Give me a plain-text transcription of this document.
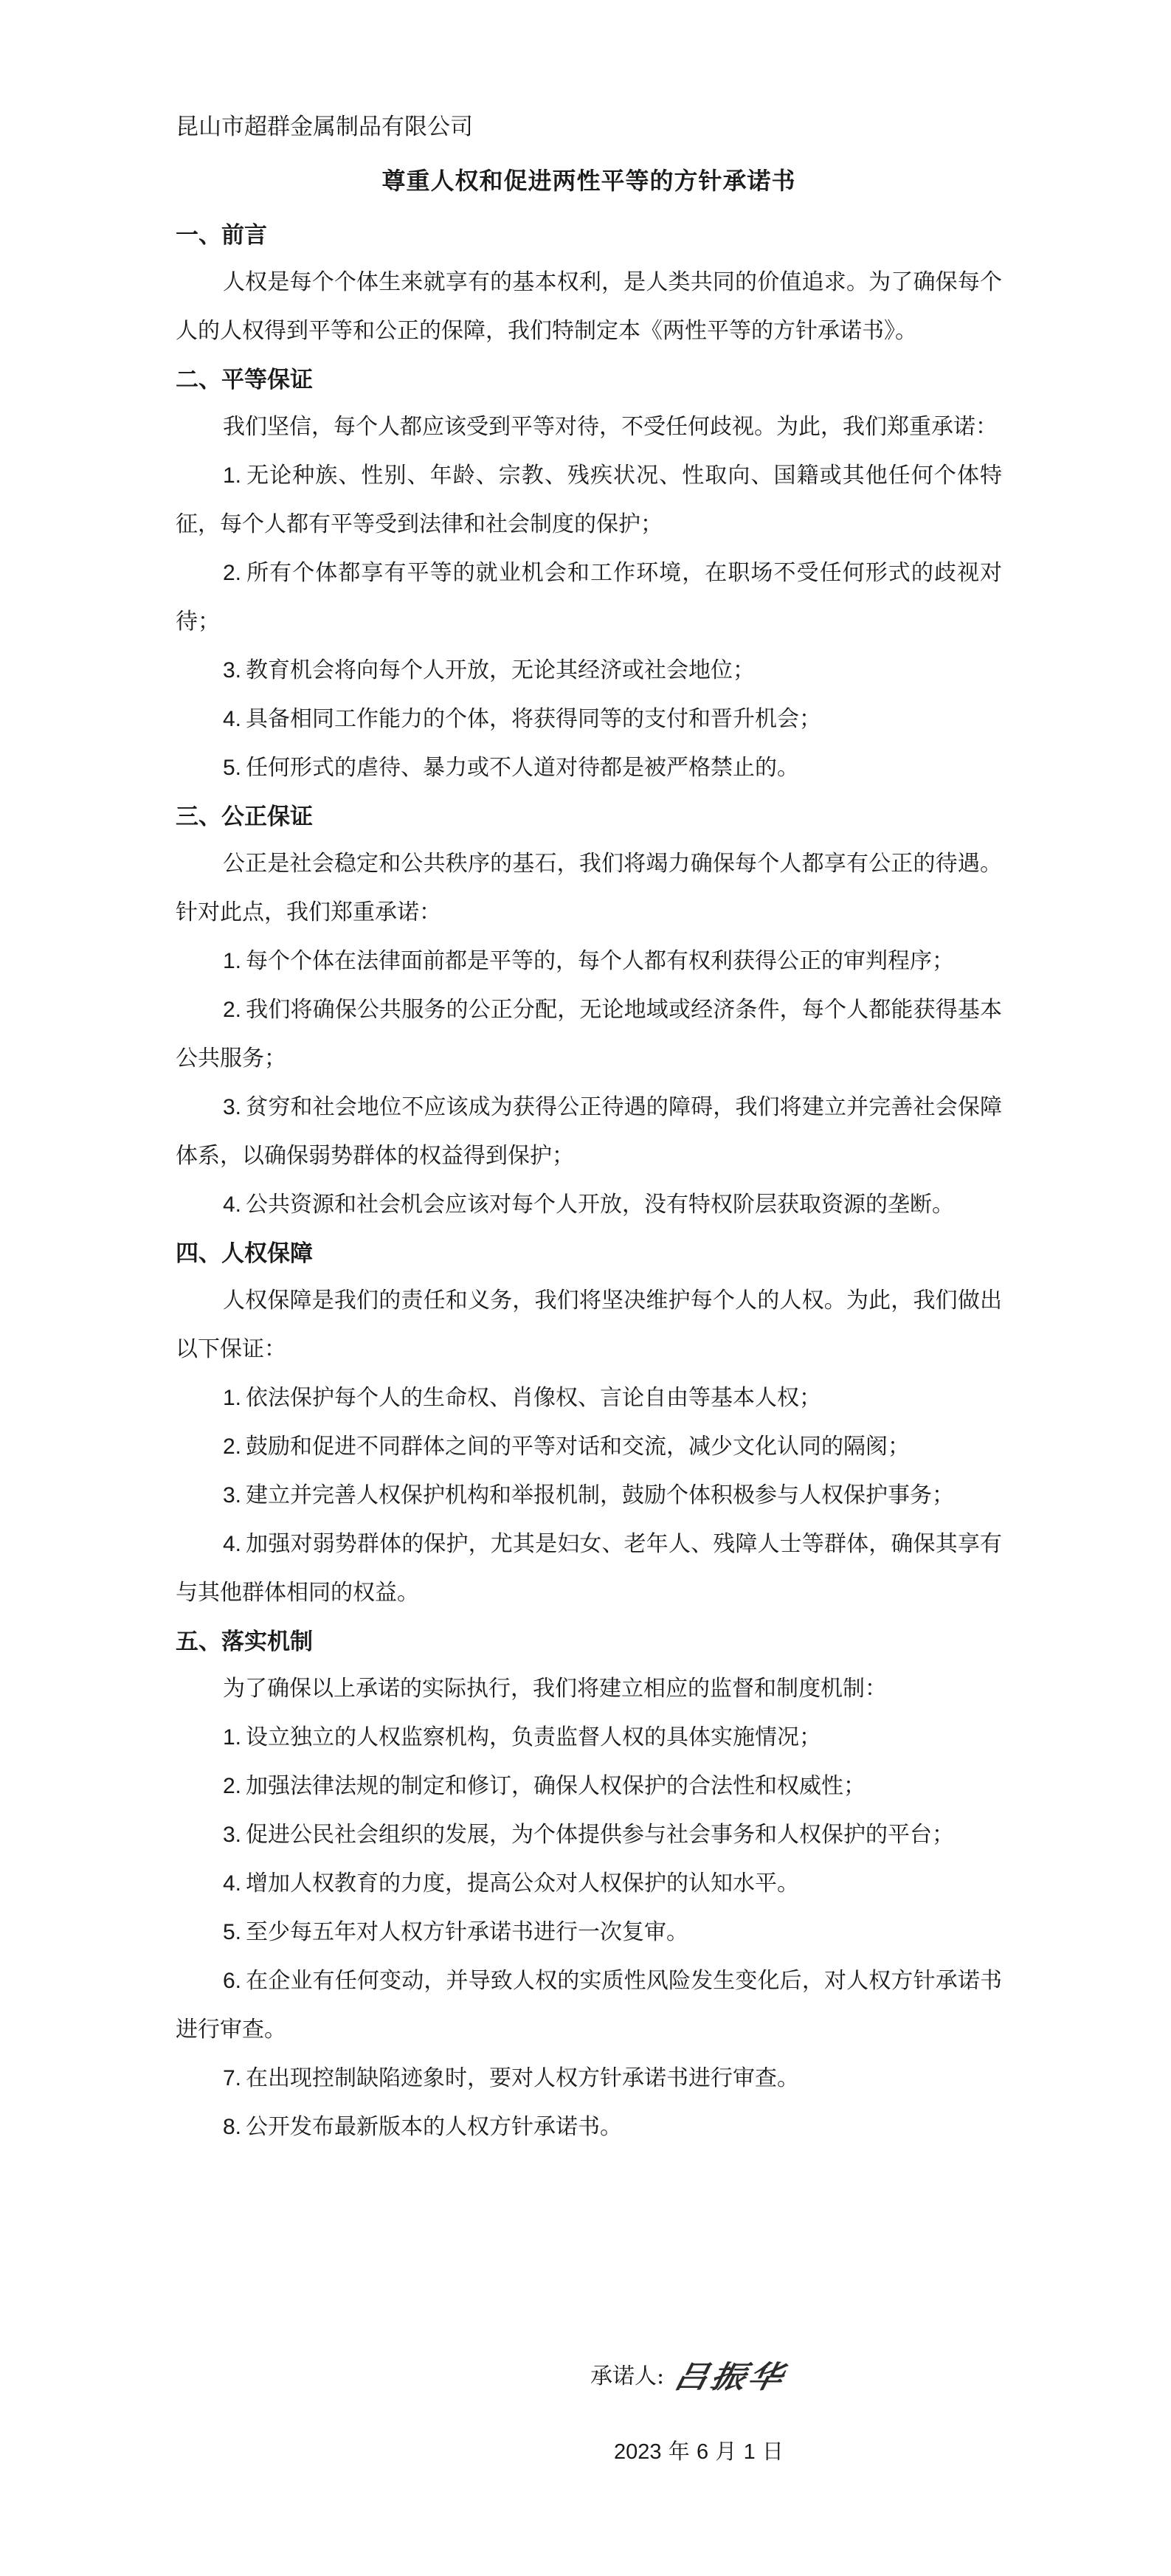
昆山市超群金属制品有限公司
尊重人权和促进两性平等的方针承诺书
一、前言

人权是每个个体生来就享有的基本权利，是人类共同的价值追求。为了确保每个人的人权得到平等和公正的保障，我们特制定本《两性平等的方针承诺书》。

二、平等保证

我们坚信，每个人都应该受到平等对待，不受任何歧视。为此，我们郑重承诺：

1. 无论种族、性别、年龄、宗教、残疾状况、性取向、国籍或其他任何个体特征，每个人都有平等受到法律和社会制度的保护；

2. 所有个体都享有平等的就业机会和工作环境，在职场不受任何形式的歧视对待；

3. 教育机会将向每个人开放，无论其经济或社会地位；

4. 具备相同工作能力的个体，将获得同等的支付和晋升机会；

5. 任何形式的虐待、暴力或不人道对待都是被严格禁止的。

三、公正保证

公正是社会稳定和公共秩序的基石，我们将竭力确保每个人都享有公正的待遇。针对此点，我们郑重承诺：

1. 每个个体在法律面前都是平等的，每个人都有权利获得公正的审判程序；

2. 我们将确保公共服务的公正分配，无论地域或经济条件，每个人都能获得基本公共服务；

3. 贫穷和社会地位不应该成为获得公正待遇的障碍，我们将建立并完善社会保障体系，以确保弱势群体的权益得到保护；

4. 公共资源和社会机会应该对每个人开放，没有特权阶层获取资源的垄断。

四、人权保障

人权保障是我们的责任和义务，我们将坚决维护每个人的人权。为此，我们做出以下保证：

1. 依法保护每个人的生命权、肖像权、言论自由等基本人权；

2. 鼓励和促进不同群体之间的平等对话和交流，减少文化认同的隔阂；

3. 建立并完善人权保护机构和举报机制，鼓励个体积极参与人权保护事务；

4. 加强对弱势群体的保护，尤其是妇女、老年人、残障人士等群体，确保其享有与其他群体相同的权益。

五、落实机制

为了确保以上承诺的实际执行，我们将建立相应的监督和制度机制：

1. 设立独立的人权监察机构，负责监督人权的具体实施情况；

2. 加强法律法规的制定和修订，确保人权保护的合法性和权威性；

3. 促进公民社会组织的发展，为个体提供参与社会事务和人权保护的平台；

4. 增加人权教育的力度，提高公众对人权保护的认知水平。

5. 至少每五年对人权方针承诺书进行一次复审。

6. 在企业有任何变动，并导致人权的实质性风险发生变化后，对人权方针承诺书进行审查。

7. 在出现控制缺陷迹象时，要对人权方针承诺书进行审查。

8. 公开发布最新版本的人权方针承诺书。

承诺人: 吕振华
2023 年 6 月 1 日
